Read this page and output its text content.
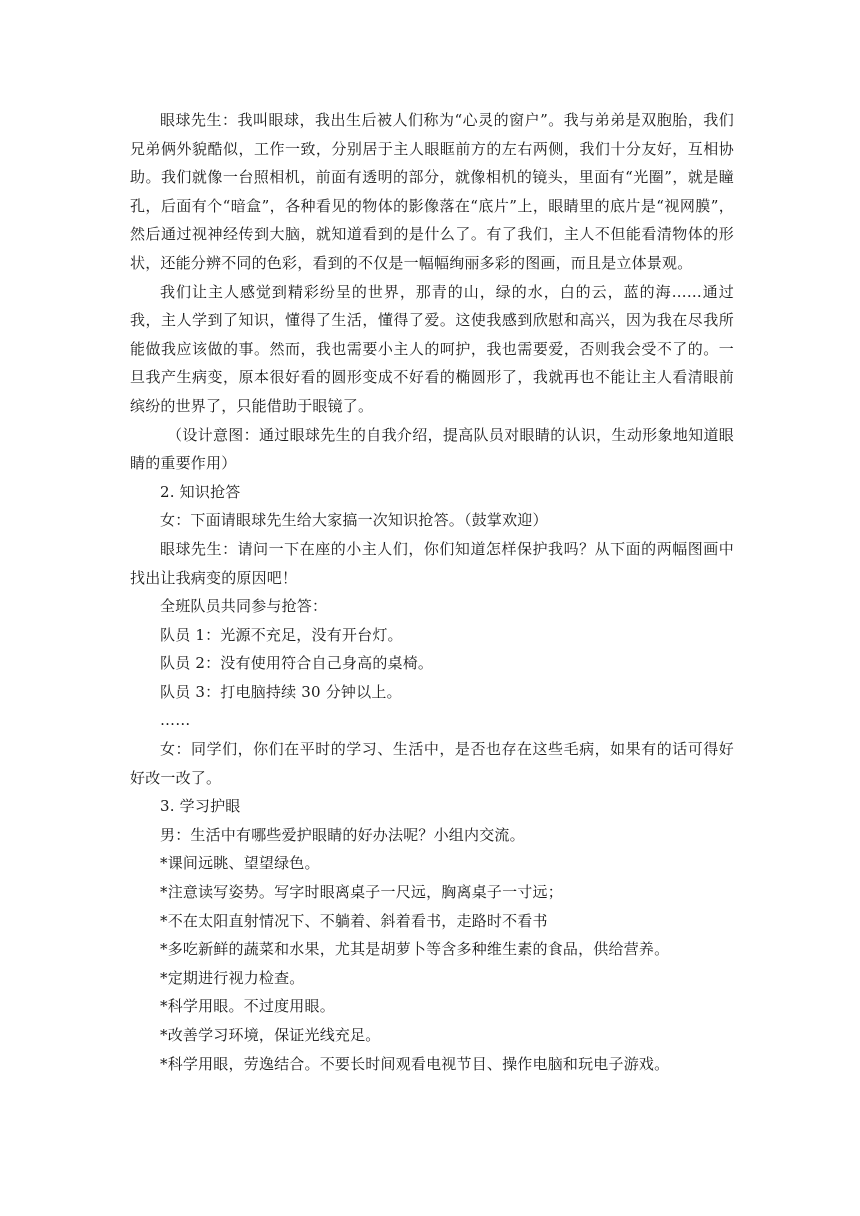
眼球先生：我叫眼球，我出生后被人们称为“心灵的窗户”。我与弟弟是双胞胎，我们兄弟俩外貌酷似，工作一致，分别居于主人眼眶前方的左右两侧，我们十分友好，互相协助。我们就像一台照相机，前面有透明的部分，就像相机的镜头，里面有“光圈”，就是瞳孔，后面有个“暗盒”，各种看见的物体的影像落在“底片”上，眼睛里的底片是“视网膜”，然后通过视神经传到大脑，就知道看到的是什么了。有了我们，主人不但能看清物体的形状，还能分辨不同的色彩，看到的不仅是一幅幅绚丽多彩的图画，而且是立体景观。

我们让主人感觉到精彩纷呈的世界，那青的山，绿的水，白的云，蓝的海……通过我，主人学到了知识，懂得了生活，懂得了爱。这使我感到欣慰和高兴，因为我在尽我所能做我应该做的事。然而，我也需要小主人的呵护，我也需要爱，否则我会受不了的。一旦我产生病变，原本很好看的圆形变成不好看的椭圆形了，我就再也不能让主人看清眼前缤纷的世界了，只能借助于眼镜了。

（设计意图：通过眼球先生的自我介绍，提高队员对眼睛的认识，生动形象地知道眼睛的重要作用）

2. 知识抢答

女：下面请眼球先生给大家搞一次知识抢答。（鼓掌欢迎）

眼球先生：请问一下在座的小主人们，你们知道怎样保护我吗？从下面的两幅图画中找出让我病变的原因吧！

全班队员共同参与抢答：

队员 1：光源不充足，没有开台灯。

队员 2：没有使用符合自己身高的桌椅。

队员 3：打电脑持续 30 分钟以上。

……

女：同学们，你们在平时的学习、生活中，是否也存在这些毛病，如果有的话可得好好改一改了。

3. 学习护眼

男：生活中有哪些爱护眼睛的好办法呢？小组内交流。

*课间远眺、望望绿色。

*注意读写姿势。写字时眼离桌子一尺远，胸离桌子一寸远；

*不在太阳直射情况下、不躺着、斜着看书，走路时不看书

*多吃新鲜的蔬菜和水果，尤其是胡萝卜等含多种维生素的食品，供给营养。

*定期进行视力检查。

*科学用眼。不过度用眼。

*改善学习环境，保证光线充足。

*科学用眼，劳逸结合。不要长时间观看电视节目、操作电脑和玩电子游戏。
